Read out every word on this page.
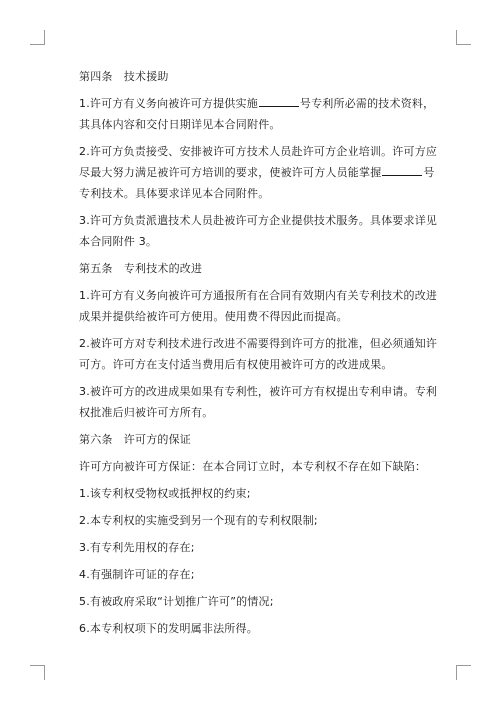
第四条　技术援助

1.许可方有义务向被许可方提供实施	号专利所必需的技术资料，其具体内容和交付日期详见本合同附件。

2.许可方负责接受、安排被许可方技术人员赴许可方企业培训。许可方应尽最大努力满足被许可方培训的要求，使被许可方人员能掌握	号专利技术。具体要求详见本合同附件。

3.许可方负责派遣技术人员赴被许可方企业提供技术服务。具体要求详见本合同附件 3。

第五条　专利技术的改进

1.许可方有义务向被许可方通报所有在合同有效期内有关专利技术的改进成果并提供给被许可方使用。使用费不得因此而提高。

2.被许可方对专利技术进行改进不需要得到许可方的批准，但必须通知许可方。许可方在支付适当费用后有权使用被许可方的改进成果。

3.被许可方的改进成果如果有专利性，被许可方有权提出专利申请。专利权批准后归被许可方所有。

第六条　许可方的保证

许可方向被许可方保证：在本合同订立时，本专利权不存在如下缺陷：

1.该专利权受物权或抵押权的约束;

2.本专利权的实施受到另一个现有的专利权限制;

3.有专利先用权的存在;

4.有强制许可证的存在;

5.有被政府采取“计划推广许可”的情况;

6.本专利权项下的发明属非法所得。
